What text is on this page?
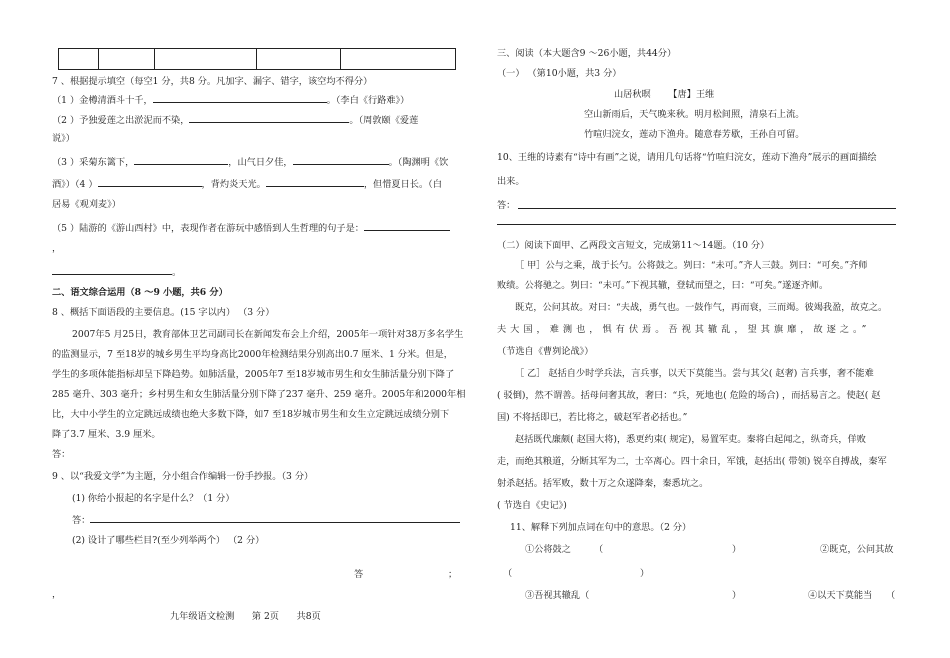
7 、根据提示填空（每空1 分，共8 分。凡加字、漏字、错字，该空均不得分）
（1 ）金樽清酒斗十千，	。（李白《行路难》）
（2 ）予独爱莲之出淤泥而不染，	。（周敦颐《爱莲
说》）
（3 ）采菊东篱下，	，山气日夕佳，	。（陶渊明《饮
酒》）（4 ）	，背灼炎天光。	，但惜夏日长。（白
居易《观刈麦》）
（5 ）陆游的《游山西村》中，表现作者在游玩中感悟到人生哲理的句子是：
，
。
二、语文综合运用（8 ～9 小题，共6 分）
8 、概括下面语段的主要信息。(15 字以内） （3 分）
2007年5 月25日，教育部体卫艺司副司长在新闻发布会上介绍，2005年一项针对38万多名学生
的监测显示，7 至18岁的城乡男生平均身高比2000年检测结果分别高出0.7 厘米、1 分米。但是，
学生的多项体能指标却呈下降趋势。如肺活量，2005年7 至18岁城市男生和女生肺活量分别下降了
285 毫升、303 毫升；乡村男生和女生肺活量分别下降了237 毫升、259 毫升。2005年和2000年相
比，大中小学生的立定跳远成绩也绝大多数下降，如7 至18岁城市男生和女生立定跳远成绩分别下
降了3.7 厘米、3.9 厘米。
答：
9 、以“我爱文学”为主题，分小组合作编辑一份手抄报。（3 分）
(1) 你给小报起的名字是什么？（1 分）
答：
(2) 设计了哪些栏目?(至少列举两个） （2 分）
答	；
，
九年级语文检测 第 2页 共8页
三、阅读（本大题含9 ～26小题，共44分）
（一） （第10小题，共3 分）
山居秋暝 【唐】王维
空山新雨后，天气晚来秋。明月松间照，清泉石上流。
竹喧归浣女，莲动下渔舟。随意春芳歇，王孙自可留。
10、王维的诗素有“诗中有画”之说，请用几句话将“竹喧归浣女，莲动下渔舟”展示的画面描绘
出来。
答：
（二）阅读下面甲、乙两段文言短文，完成第11～14题。（10 分）
［ 甲］公与之乘，战于长勺。公将鼓之。刿曰：“未可。”齐人三鼓。刿曰：“可矣。”齐师
败绩。公将驰之。刿曰：“未可。”下视其辙，登轼而望之，曰：“可矣。”遂逐齐师。
既克，公问其故。对曰：“夫战，勇气也。一鼓作气，再而衰，三而竭。彼竭我盈，故克之。
夫大国，难测也，惧有伏焉。吾视其辙乱，望其旗靡，故逐之。”
（节选自《曹刿论战》）
［ 乙］ 赵括自少时学兵法，言兵事，以天下莫能当。尝与其父( 赵奢) 言兵事，奢不能难
( 驳倒)，然不谓善。括母问奢其故，奢曰：“兵，死地也( 危险的场合) ，而括易言之。使赵( 赵
国) 不将括即已，若比将之，破赵军者必括也。”
赵括既代廉颇( 赵国大将)，悉更约束( 规定)，易置军吏。秦将白起闻之，纵奇兵，佯败
走，而绝其粮道，分断其军为二，士卒离心。四十余日，军饿，赵括出( 带领) 锐卒自搏战，秦军
射杀赵括。括军败，数十万之众遂降秦，秦悉坑之。
( 节选自《史记》)
11、解释下列加点词在句中的意思。（2 分）
①公将鼓之	（	）	②既克，公问其故
（	）
③吾视其辙乱（	）	④以天下莫能当 （
